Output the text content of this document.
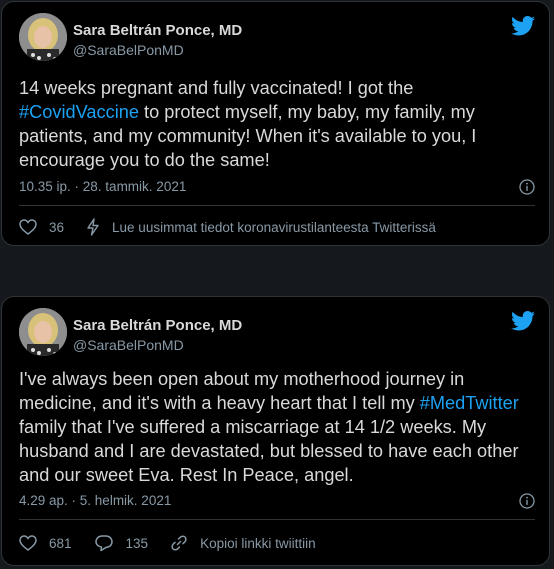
Sara Beltrán Ponce, MD
@SaraBelPonMD
14 weeks pregnant and fully vaccinated! I got the #CovidVaccine to protect myself, my baby, my family, my patients, and my community! When it's available to you, I encourage you to do the same!
10.35 ip. · 28. tammik. 2021
36	Lue uusimmat tiedot koronavirustilanteesta Twitterissä
Sara Beltrán Ponce, MD
@SaraBelPonMD
I've always been open about my motherhood journey in medicine, and it's with a heavy heart that I tell my #MedTwitter family that I've suffered a miscarriage at 14 1/2 weeks. My husband and I are devastated, but blessed to have each other and our sweet Eva. Rest In Peace, angel.
4.29 ap. · 5. helmik. 2021
681	135	Kopioi linkki twiittiin
